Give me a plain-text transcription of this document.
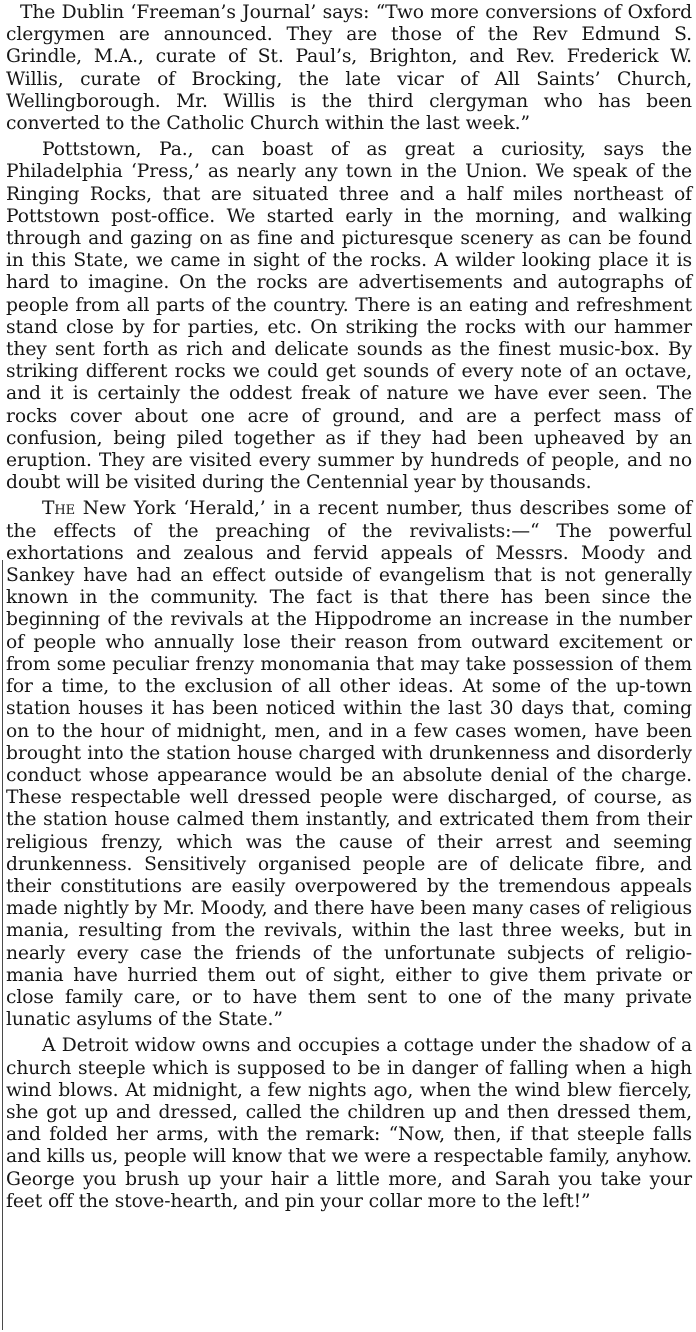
The Dublin ‘Freeman’s Journal’ says: “Two more conversions of Oxford clergymen are announced. They are those of the Rev Edmund S. Grindle, M.A., curate of St. Paul’s, Brighton, and Rev. Frederick W. Willis, curate of Brocking, the late vicar of All Saints’ Church, Wellingborough. Mr. Willis is the third clergyman who has been converted to the Catholic Church within the last week.”

Pottstown, Pa., can boast of as great a curiosity, says the Philadelphia ‘Press,’ as nearly any town in the Union. We speak of the Ringing Rocks, that are situated three and a half miles northeast of Pottstown post-office. We started early in the morning, and walking through and gazing on as fine and picturesque scenery as can be found in this State, we came in sight of the rocks. A wilder looking place it is hard to imagine. On the rocks are advertisements and autographs of people from all parts of the country. There is an eating and refreshment stand close by for parties, etc. On striking the rocks with our hammer they sent forth as rich and delicate sounds as the finest music-box. By striking different rocks we could get sounds of every note of an octave, and it is certainly the oddest freak of nature we have ever seen. The rocks cover about one acre of ground, and are a perfect mass of confusion, being piled together as if they had been upheaved by an eruption. They are visited every summer by hundreds of people, and no doubt will be visited during the Centennial year by thousands.

The New York ‘Herald,’ in a recent number, thus describes some of the effects of the preaching of the revivalists:—“ The powerful exhortations and zealous and fervid appeals of Messrs. Moody and Sankey have had an effect outside of evangelism that is not generally known in the community. The fact is that there has been since the beginning of the revivals at the Hippodrome an increase in the number of people who annually lose their reason from outward excitement or from some peculiar frenzy monomania that may take possession of them for a time, to the exclusion of all other ideas. At some of the up-town station houses it has been noticed within the last 30 days that, coming on to the hour of midnight, men, and in a few cases women, have been brought into the station house charged with drunkenness and disorderly conduct whose appearance would be an absolute denial of the charge. These respectable well dressed people were discharged, of course, as the station house calmed them instantly, and extricated them from their religious frenzy, which was the cause of their arrest and seeming drunkenness. Sensitively organised people are of delicate fibre, and their constitutions are easily overpowered by the tremendous appeals made nightly by Mr. Moody, and there have been many cases of religious mania, resulting from the revivals, within the last three weeks, but in nearly every case the friends of the unfortunate subjects of religio-mania have hurried them out of sight, either to give them private or close family care, or to have them sent to one of the many private lunatic asylums of the State.”

A Detroit widow owns and occupies a cottage under the shadow of a church steeple which is supposed to be in danger of falling when a high wind blows. At midnight, a few nights ago, when the wind blew fiercely, she got up and dressed, called the children up and then dressed them, and folded her arms, with the remark: “Now, then, if that steeple falls and kills us, people will know that we were a respectable family, anyhow. George you brush up your hair a little more, and Sarah you take your feet off the stove-hearth, and pin your collar more to the left!”
